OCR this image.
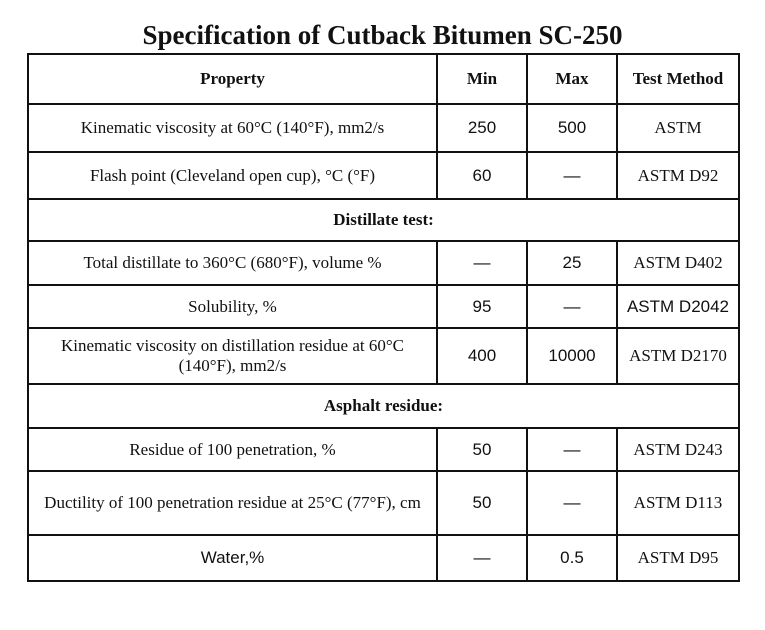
Specification of Cutback Bitumen SC-250
Property	Min	Max	Test Method
Kinematic viscosity at 60°C (140°F), mm2/s	250	500	ASTM
Flash point (Cleveland open cup), °C (°F)	60	—	ASTM D92
Distillate test:			
Total distillate to 360°C (680°F), volume %	—	25	ASTM D402
Solubility, %	95	—	ASTM D2042
Kinematic viscosity on distillation residue at 60°C (140°F), mm2/s	400	10000	ASTM D2170
Asphalt residue:			
Residue of 100 penetration, %	50	—	ASTM D243
Ductility of 100 penetration residue at 25°C (77°F), cm	50	—	ASTM D113
Water,%	—	0.5	ASTM D95
